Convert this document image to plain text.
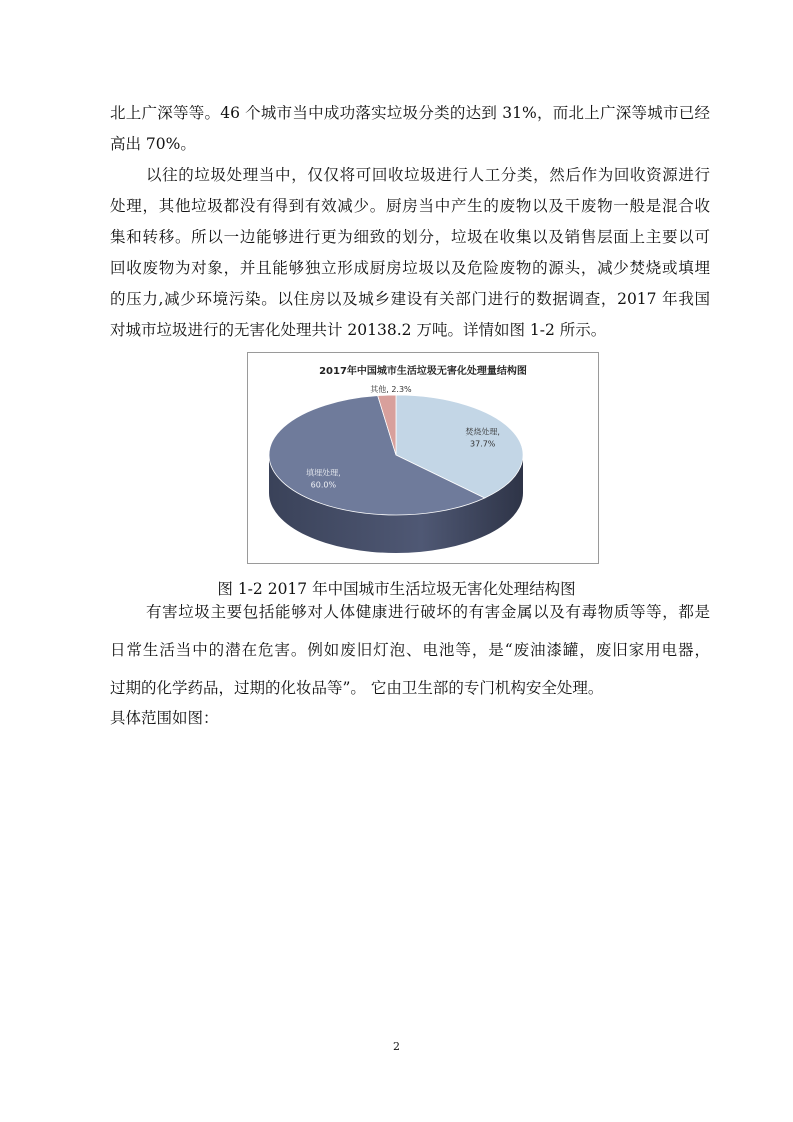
北上广深等等。46 个城市当中成功落实垃圾分类的达到 31%，而北上广深等城市已经
高出 70%。
以往的垃圾处理当中，仅仅将可回收垃圾进行人工分类，然后作为回收资源进行
处理，其他垃圾都没有得到有效减少。厨房当中产生的废物以及干废物一般是混合收
集和转移。所以一边能够进行更为细致的划分，垃圾在收集以及销售层面上主要以可
回收废物为对象，并且能够独立形成厨房垃圾以及危险废物的源头，减少焚烧或填埋
的压力,减少环境污染。以住房以及城乡建设有关部门进行的数据调查，2017 年我国
对城市垃圾进行的无害化处理共计 20138.2 万吨。详情如图 1-2 所示。
2017年中国城市生活垃圾无害化处理量结构图
焚烧处理,
37.7%
填埋处理,
60.0%
其他, 2.3%
图 1-2 2017 年中国城市生活垃圾无害化处理结构图
有害垃圾主要包括能够对人体健康进行破坏的有害金属以及有毒物质等等，都是
日常生活当中的潜在危害。例如废旧灯泡、电池等，是“废油漆罐，废旧家用电器，
过期的化学药品，过期的化妆品等”。 它由卫生部的专门机构安全处理。
具体范围如图：
2
